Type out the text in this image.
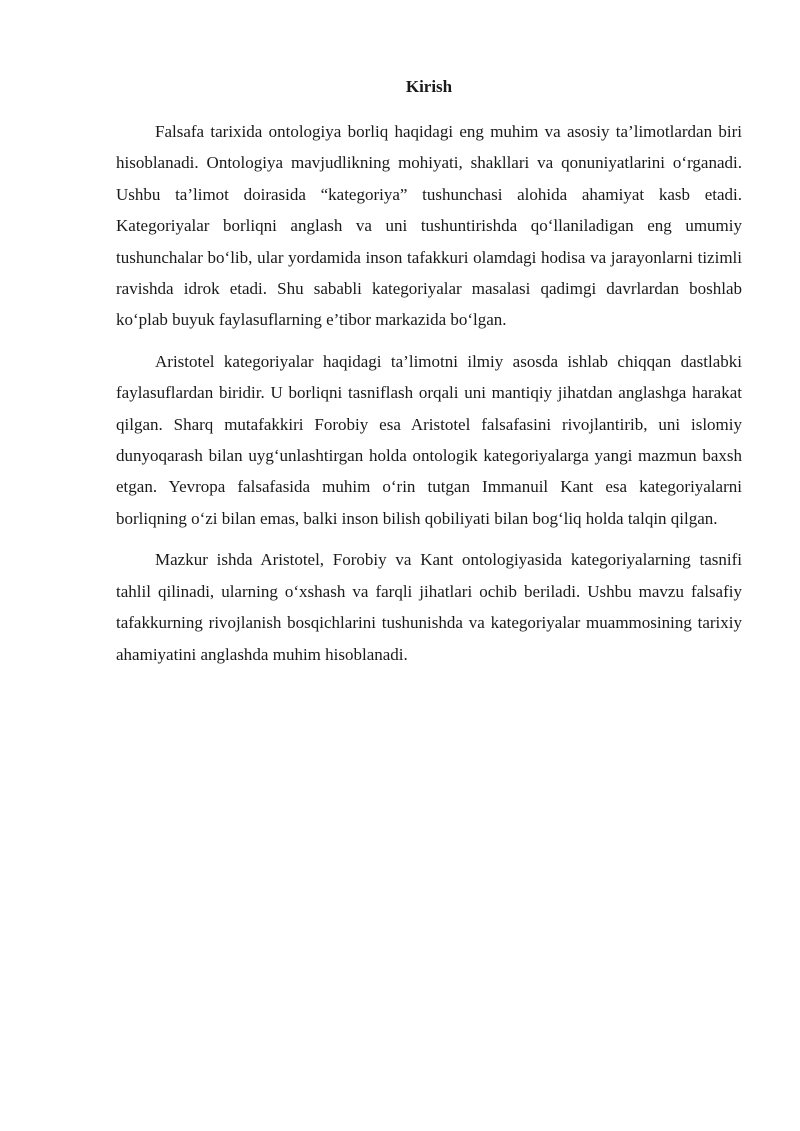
Kirish

Falsafa tarixida ontologiya borliq haqidagi eng muhim va asosiy ta’limotlardan biri hisoblanadi. Ontologiya mavjudlikning mohiyati, shakllari va qonuniyatlarini o‘rganadi. Ushbu ta’limot doirasida “kategoriya” tushunchasi alohida ahamiyat kasb etadi. Kategoriyalar borliqni anglash va uni tushuntirishda qo‘llaniladigan eng umumiy tushunchalar bo‘lib, ular yordamida inson tafakkuri olamdagi hodisa va jarayonlarni tizimli ravishda idrok etadi. Shu sababli kategoriyalar masalasi qadimgi davrlardan boshlab ko‘plab buyuk faylasuflarning e’tibor markazida bo‘lgan.

Aristotel kategoriyalar haqidagi ta’limotni ilmiy asosda ishlab chiqqan dastlabki faylasuflardan biridir. U borliqni tasniflash orqali uni mantiqiy jihatdan anglashga harakat qilgan. Sharq mutafakkiri Forobiy esa Aristotel falsafasini rivojlantirib, uni islomiy dunyoqarash bilan uyg‘unlashtirgan holda ontologik kategoriyalarga yangi mazmun baxsh etgan. Yevropa falsafasida muhim o‘rin tutgan Immanuil Kant esa kategoriyalarni borliqning o‘zi bilan emas, balki inson bilish qobiliyati bilan bog‘liq holda talqin qilgan.

Mazkur ishda Aristotel, Forobiy va Kant ontologiyasida kategoriyalarning tasnifi tahlil qilinadi, ularning o‘xshash va farqli jihatlari ochib beriladi. Ushbu mavzu falsafiy tafakkurning rivojlanish bosqichlarini tushunishda va kategoriyalar muammosining tarixiy ahamiyatini anglashda muhim hisoblanadi.
